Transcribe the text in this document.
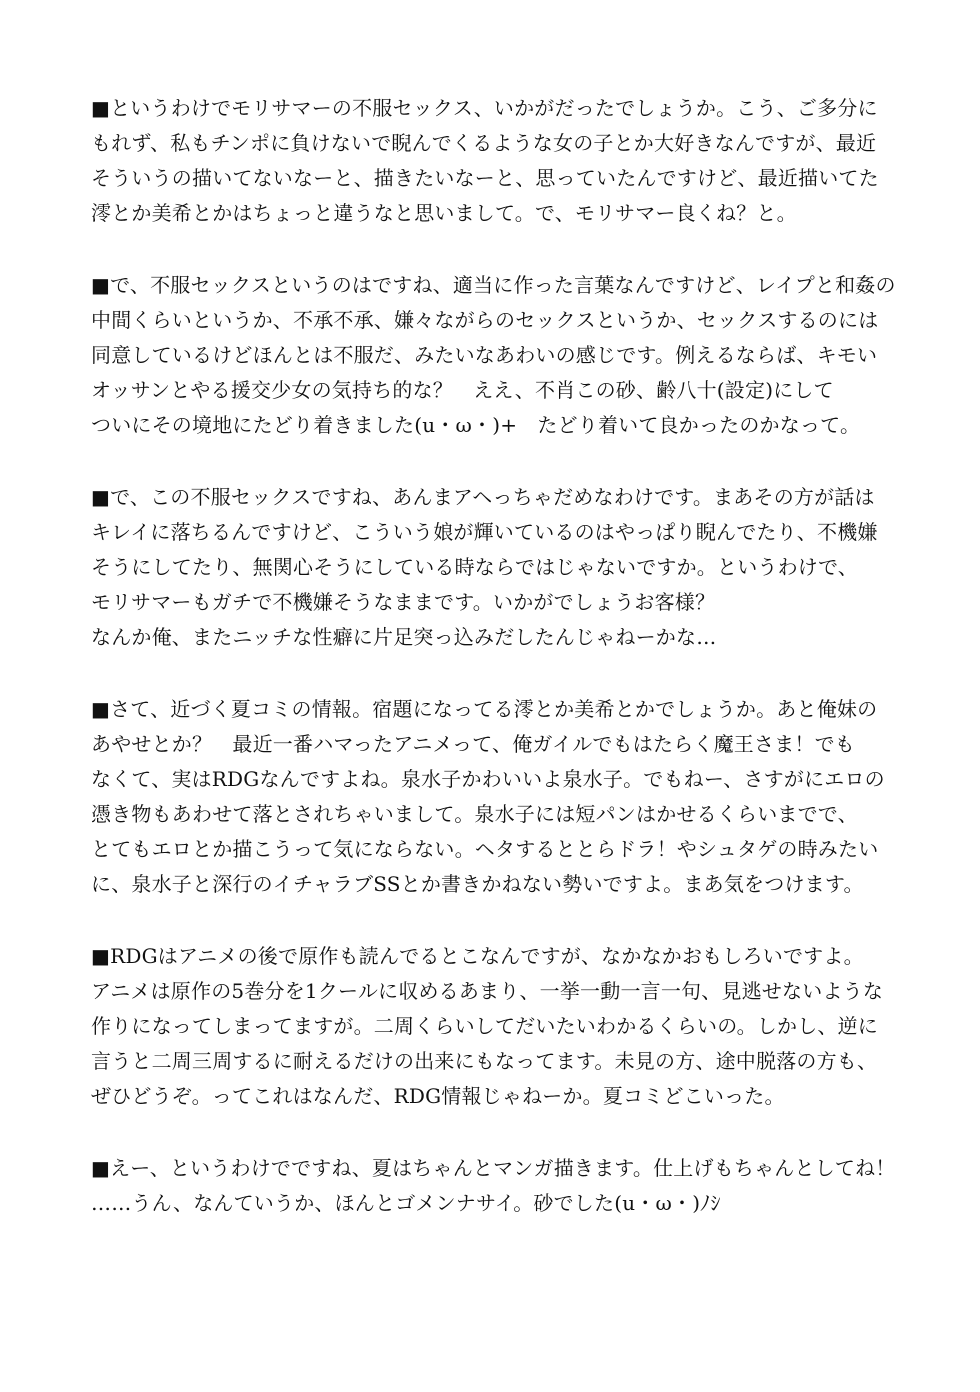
■というわけでモリサマーの不服セックス、いかがだったでしょうか。こう、ご多分に
もれず、私もチンポに負けないで睨んでくるような女の子とか大好きなんですが、最近
そういうの描いてないなーと、描きたいなーと、思っていたんですけど、最近描いてた
澪とか美希とかはちょっと違うなと思いまして。で、モリサマー良くね？と。
■で、不服セックスというのはですね、適当に作った言葉なんですけど、レイプと和姦の
中間くらいというか、不承不承、嫌々ながらのセックスというか、セックスするのには
同意しているけどほんとは不服だ、みたいなあわいの感じです。例えるならば、キモい
オッサンとやる援交少女の気持ち的な？　ええ、不肖この砂、齢八十(設定)にして
ついにその境地にたどり着きました(u・ω・)+　たどり着いて良かったのかなって。
■で、この不服セックスですね、あんまアヘっちゃだめなわけです。まあその方が話は
キレイに落ちるんですけど、こういう娘が輝いているのはやっぱり睨んでたり、不機嫌
そうにしてたり、無関心そうにしている時ならではじゃないですか。というわけで、
モリサマーもガチで不機嫌そうなままです。いかがでしょうお客様？
なんか俺、またニッチな性癖に片足突っ込みだしたんじゃねーかな…
■さて、近づく夏コミの情報。宿題になってる澪とか美希とかでしょうか。あと俺妹の
あやせとか？　最近一番ハマったアニメって、俺ガイルでもはたらく魔王さま！でも
なくて、実はRDGなんですよね。泉水子かわいいよ泉水子。でもねー、さすがにエロの
憑き物もあわせて落とされちゃいまして。泉水子には短パンはかせるくらいまでで、
とてもエロとか描こうって気にならない。ヘタするととらドラ！やシュタゲの時みたい
に、泉水子と深行のイチャラブSSとか書きかねない勢いですよ。まあ気をつけます。
■RDGはアニメの後で原作も読んでるとこなんですが、なかなかおもしろいですよ。
アニメは原作の5巻分を1クールに収めるあまり、一挙一動一言一句、見逃せないような
作りになってしまってますが。二周くらいしてだいたいわかるくらいの。しかし、逆に
言うと二周三周するに耐えるだけの出来にもなってます。未見の方、途中脱落の方も、
ぜひどうぞ。ってこれはなんだ、RDG情報じゃねーか。夏コミどこいった。
■えー、というわけでですね、夏はちゃんとマンガ描きます。仕上げもちゃんとしてね！
……うん、なんていうか、ほんとゴメンナサイ。砂でした(u・ω・)ﾉｼ
